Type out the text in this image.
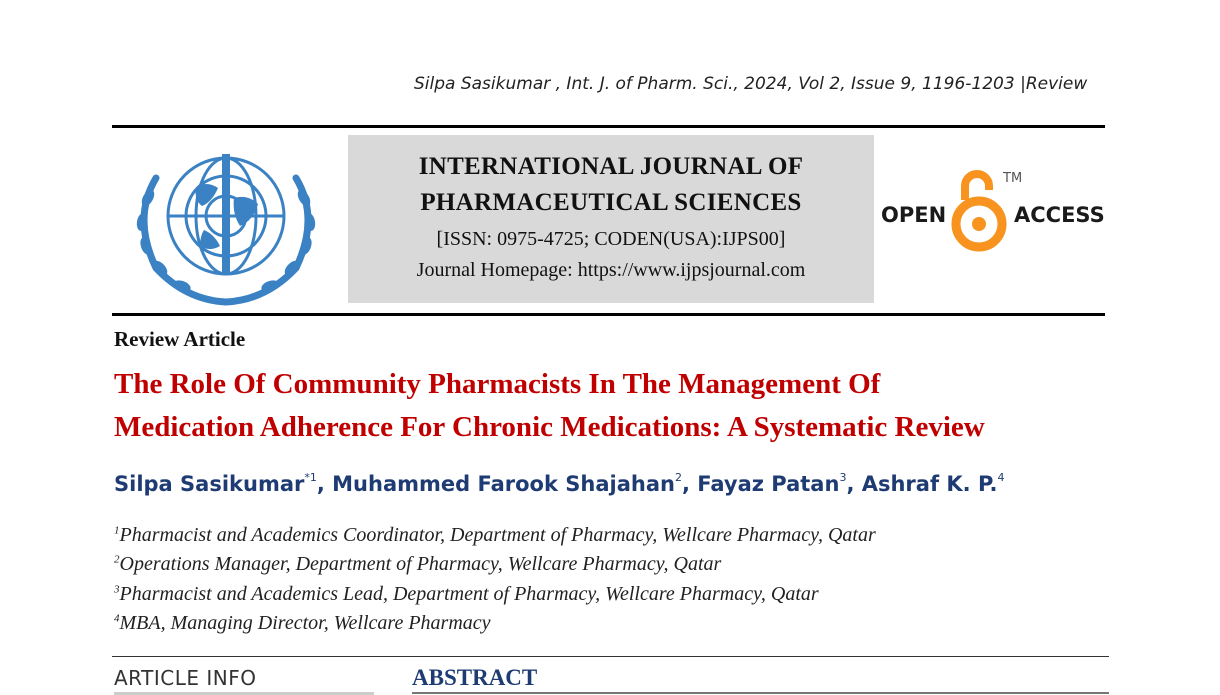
Silpa Sasikumar , Int. J. of Pharm. Sci., 2024, Vol 2, Issue 9, 1196-1203 |Review
INTERNATIONAL JOURNAL OF
PHARMACEUTICAL SCIENCES
[ISSN: 0975-4725; CODEN(USA):IJPS00]
Journal Homepage: https://www.ijpsjournal.com
OPEN
TM
ACCESS
Review Article
The Role Of Community Pharmacists In The Management Of
Medication Adherence For Chronic Medications: A Systematic Review
Silpa Sasikumar$^{*1}$, Muhammed Farook Shajahan$^2$, Fayaz Patan$^3$, Ashraf K. P.$^4$
$^1$Pharmacist and Academics Coordinator, Department of Pharmacy, Wellcare Pharmacy, Qatar
$^2$Operations Manager, Department of Pharmacy, Wellcare Pharmacy, Qatar
$^3$Pharmacist and Academics Lead, Department of Pharmacy, Wellcare Pharmacy, Qatar
$^4$MBA, Managing Director, Wellcare Pharmacy
ARTICLE INFO	ABSTRACT
